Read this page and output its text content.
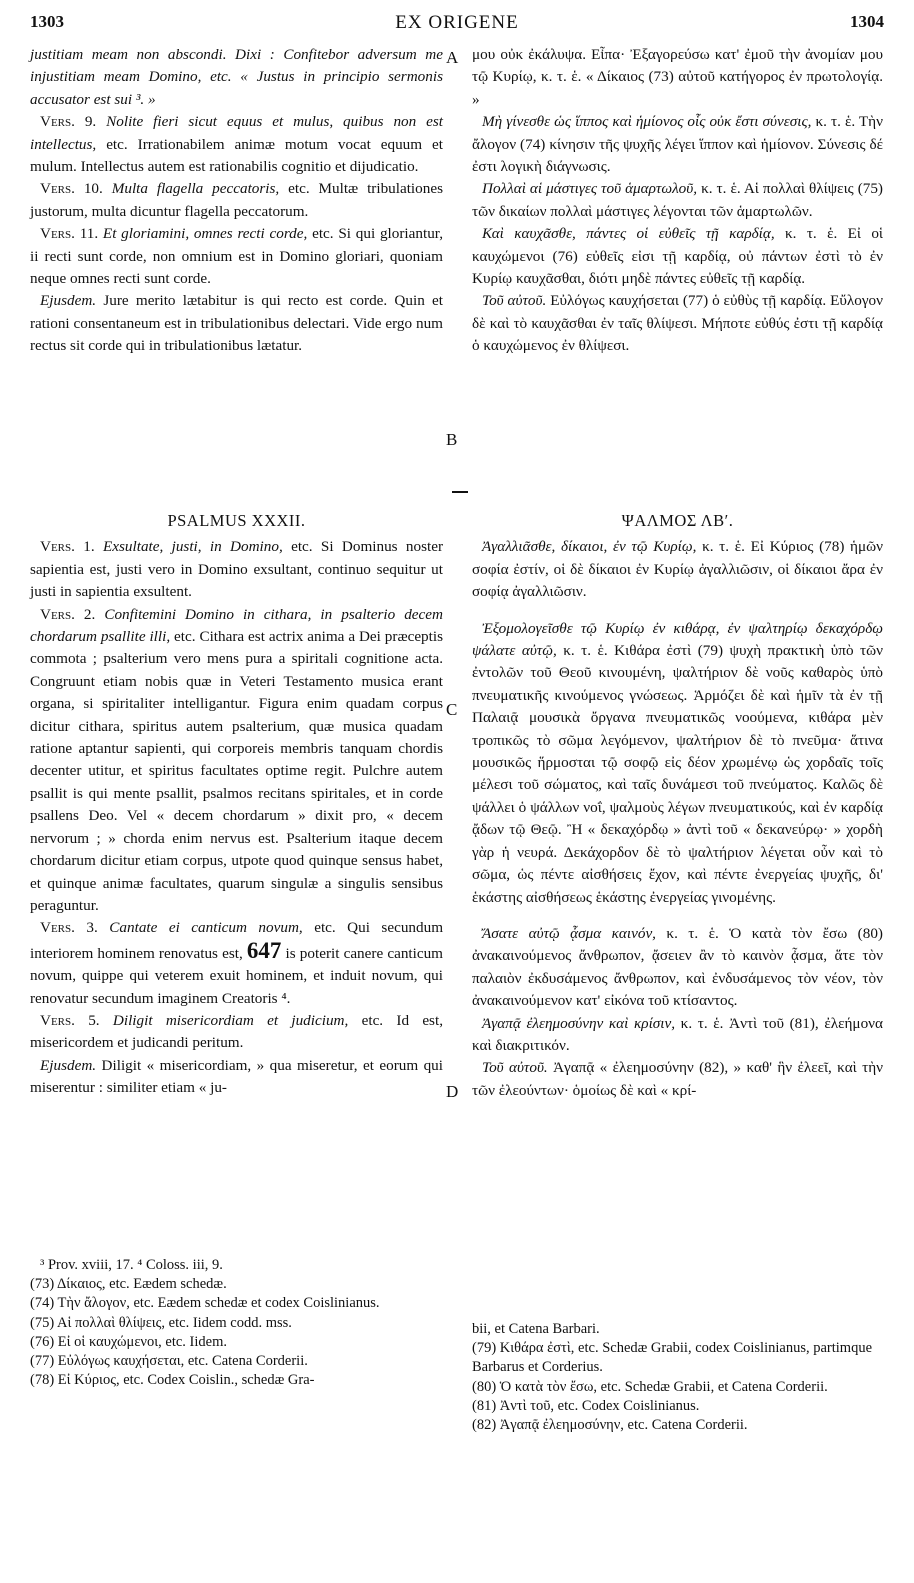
1303	EX ORIGENE	1304
A
B
C
D

justitiam meam non abscondi. Dixi : Confitebor adversum me injustitiam meam Domino, etc. « Justus in principio sermonis accusator est sui ³. »

Vers. 9. Nolite fieri sicut equus et mulus, quibus non est intellectus, etc. Irrationabilem animæ motum vocat equum et mulum. Intellectus autem est rationabilis cognitio et dijudicatio.

Vers. 10. Multa flagella peccatoris, etc. Multæ tribulationes justorum, multa dicuntur flagella peccatorum.

Vers. 11. Et gloriamini, omnes recti corde, etc. Si qui gloriantur, ii recti sunt corde, non omnium est in Domino gloriari, quoniam neque omnes recti sunt corde.

Ejusdem. Jure merito lætabitur is qui recto est corde. Quin et rationi consentaneum est in tribulationibus delectari. Vide ergo num rectus sit corde qui in tribulationibus lætatur.

PSALMUS XXXII.

Vers. 1. Exsultate, justi, in Domino, etc. Si Dominus noster sapientia est, justi vero in Domino exsultant, continuo sequitur ut justi in sapientia exsultent.

Vers. 2. Confitemini Domino in cithara, in psalterio decem chordarum psallite illi, etc. Cithara est actrix anima a Dei præceptis commota ; psalterium vero mens pura a spiritali cognitione acta. Congruunt etiam nobis quæ in Veteri Testamento musica erant organa, si spiritaliter intelligantur. Figura enim quadam corpus dicitur cithara, spiritus autem psalterium, quæ musica quadam ratione aptantur sapienti, qui corporeis membris tanquam chordis decenter utitur, et spiritus facultates optime regit. Pulchre autem psallit is qui mente psallit, psalmos recitans spiritales, et in corde psallens Deo. Vel « decem chordarum » dixit pro, « decem nervorum ; » chorda enim nervus est. Psalterium itaque decem chordarum dicitur etiam corpus, utpote quod quinque sensus habet, et quinque animæ facultates, quarum singulæ a singulis sensibus peraguntur.

Vers. 3. Cantate ei canticum novum, etc. Qui secundum interiorem hominem renovatus est, 647 is poterit canere canticum novum, quippe qui veterem exuit hominem, et induit novum, qui renovatur secundum imaginem Creatoris ⁴.

Vers. 5. Diligit misericordiam et judicium, etc. Id est, misericordem et judicandi peritum.

Ejusdem. Diligit « misericordiam, » qua miseretur, et eorum qui miserentur : similiter etiam « ju-

μου οὐκ ἐκάλυψα. Εἶπα· Ἐξαγορεύσω κατ' ἐμοῦ τὴν ἀνομίαν μου τῷ Κυρίῳ, κ. τ. ἑ. « Δίκαιος (73) αὐτοῦ κατήγορος ἐν πρωτολογίᾳ. »

Μὴ γίνεσθε ὡς ἵππος καὶ ἡμίονος οἷς οὐκ ἔστι σύνεσις, κ. τ. ἑ. Τὴν ἄλογον (74) κίνησιν τῆς ψυχῆς λέγει ἵππον καὶ ἡμίονον. Σύνεσις δέ ἐστι λογικὴ διάγνωσις.

Πολλαὶ αἱ μάστιγες τοῦ ἁμαρτωλοῦ, κ. τ. ἑ. Αἱ πολλαὶ θλίψεις (75) τῶν δικαίων πολλαὶ μάστιγες λέγονται τῶν ἁμαρτωλῶν.

Καὶ καυχᾶσθε, πάντες οἱ εὐθεῖς τῇ καρδίᾳ, κ. τ. ἑ. Εἰ οἱ καυχώμενοι (76) εὐθεῖς εἰσι τῇ καρδίᾳ, οὐ πάντων ἐστὶ τὸ ἐν Κυρίῳ καυχᾶσθαι, διότι μηδὲ πάντες εὐθεῖς τῇ καρδίᾳ.

Τοῦ αὐτοῦ. Εὐλόγως καυχήσεται (77) ὁ εὐθὺς τῇ καρδίᾳ. Εὔλογον δὲ καὶ τὸ καυχᾶσθαι ἐν ταῖς θλίψεσι. Μήποτε εὐθύς ἐστι τῇ καρδίᾳ ὁ καυχώμενος ἐν θλίψεσι.

ΨΑΛΜΟΣ ΛΒʹ.

Ἀγαλλιᾶσθε, δίκαιοι, ἐν τῷ Κυρίῳ, κ. τ. ἑ. Εἰ Κύριος (78) ἡμῶν σοφία ἐστίν, οἱ δὲ δίκαιοι ἐν Κυρίῳ ἀγαλλιῶσιν, οἱ δίκαιοι ἄρα ἐν σοφίᾳ ἀγαλλιῶσιν.

Ἐξομολογεῖσθε τῷ Κυρίῳ ἐν κιθάρᾳ, ἐν ψαλτηρίῳ δεκαχόρδῳ ψάλατε αὐτῷ, κ. τ. ἑ. Κιθάρα ἐστὶ (79) ψυχὴ πρακτικὴ ὑπὸ τῶν ἐντολῶν τοῦ Θεοῦ κινουμένη, ψαλτήριον δὲ νοῦς καθαρὸς ὑπὸ πνευματικῆς κινούμενος γνώσεως. Ἁρμόζει δὲ καὶ ἡμῖν τὰ ἐν τῇ Παλαιᾷ μουσικὰ ὄργανα πνευματικῶς νοούμενα, κιθάρα μὲν τροπικῶς τὸ σῶμα λεγόμενον, ψαλτήριον δὲ τὸ πνεῦμα· ἅτινα μουσικῶς ἥρμοσται τῷ σοφῷ εἰς δέον χρωμένῳ ὡς χορδαῖς τοῖς μέλεσι τοῦ σώματος, καὶ ταῖς δυνάμεσι τοῦ πνεύματος. Καλῶς δὲ ψάλλει ὁ ψάλλων νοΐ, ψαλμοὺς λέγων πνευματικούς, καὶ ἐν καρδίᾳ ᾄδων τῷ Θεῷ. Ἢ « δεκαχόρδῳ » ἀντὶ τοῦ « δεκανεύρῳ· » χορδὴ γὰρ ἡ νευρά. Δεκάχορδον δὲ τὸ ψαλτήριον λέγεται οὖν καὶ τὸ σῶμα, ὡς πέντε αἰσθήσεις ἔχον, καὶ πέντε ἐνεργείας ψυχῆς, δι' ἑκάστης αἰσθήσεως ἑκάστης ἐνεργείας γινομένης.

Ἄσατε αὐτῷ ᾆσμα καινόν, κ. τ. ἑ. Ὁ κατὰ τὸν ἔσω (80) ἀνακαινούμενος ἄνθρωπον, ᾄσειεν ἂν τὸ καινὸν ᾆσμα, ἅτε τὸν παλαιὸν ἐκδυσάμενος ἄνθρωπον, καὶ ἐνδυσάμενος τὸν νέον, τὸν ἀνακαινούμενον κατ' εἰκόνα τοῦ κτίσαντος.

Ἀγαπᾷ ἐλεημοσύνην καὶ κρίσιν, κ. τ. ἑ. Ἀντὶ τοῦ (81), ἐλεήμονα καὶ διακριτικόν.

Τοῦ αὐτοῦ. Ἀγαπᾷ « ἐλεημοσύνην (82), » καθ' ἣν ἐλεεῖ, καὶ τὴν τῶν ἐλεούντων· ὁμοίως δὲ καὶ « κρί-

³ Prov. xviii, 17. ⁴ Coloss. iii, 9.
(73) Δίκαιος, etc. Eædem schedæ.
(74) Τὴν ἄλογον, etc. Eædem schedæ et codex Coislinianus.
(75) Αἱ πολλαὶ θλίψεις, etc. Iidem codd. mss.
(76) Εἰ οἱ καυχώμενοι, etc. Iidem.
(77) Εὐλόγως καυχήσεται, etc. Catena Corderii.
(78) Εἰ Κύριος, etc. Codex Coislin., schedæ Gra-
bii, et Catena Barbari.
(79) Κιθάρα ἐστὶ, etc. Schedæ Grabii, codex Coislinianus, partimque Barbarus et Corderius.
(80) Ὁ κατὰ τὸν ἔσω, etc. Schedæ Grabii, et Catena Corderii.
(81) Ἀντὶ τοῦ, etc. Codex Coislinianus.
(82) Ἀγαπᾷ ἐλεημοσύνην, etc. Catena Corderii.
